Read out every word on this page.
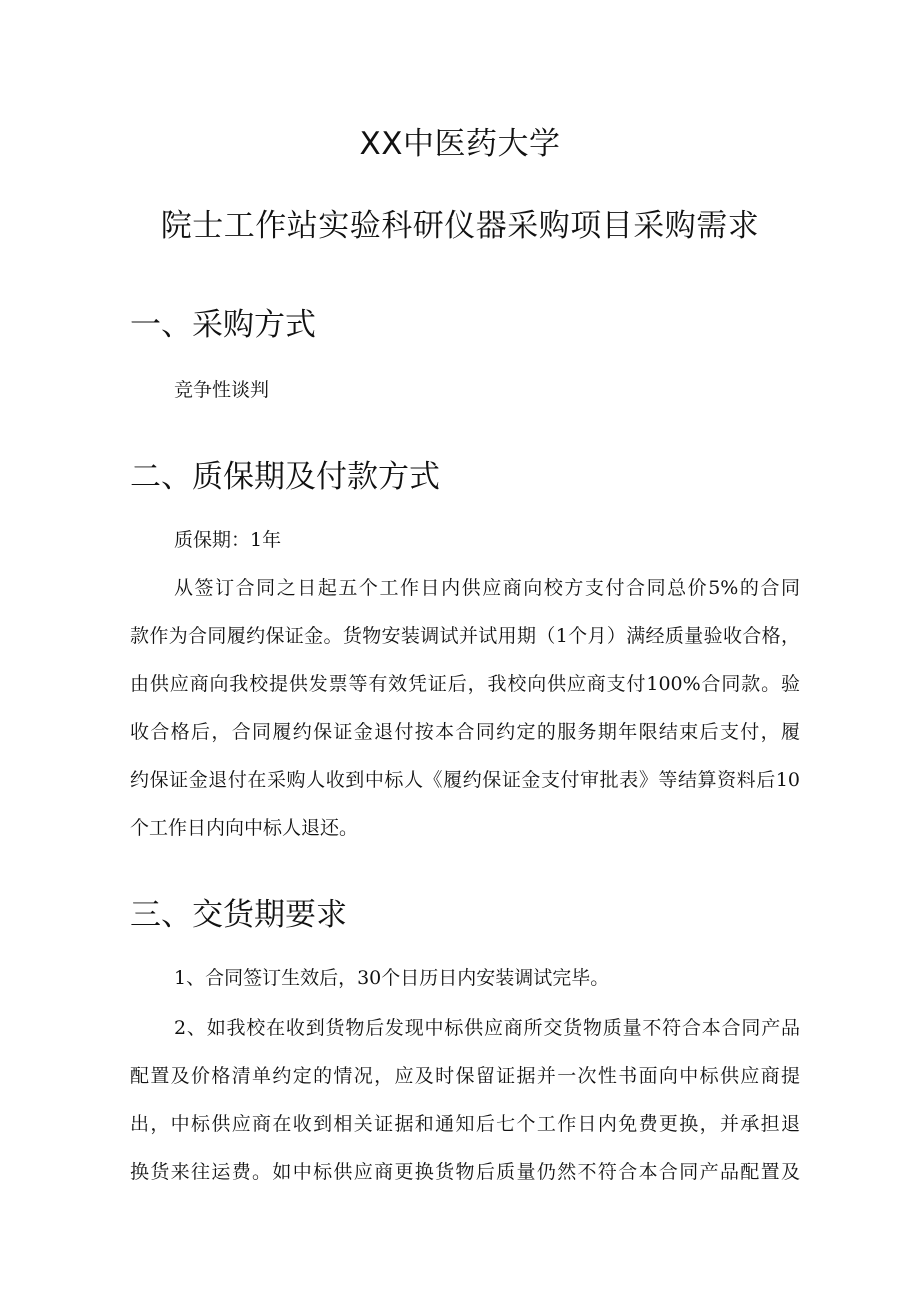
XX中医药大学
院士工作站实验科研仪器采购项目采购需求
一、采购方式
竞争性谈判
二、质保期及付款方式
质保期：1年
从签订合同之日起五个工作日内供应商向校方支付合同总价5%的合同
款作为合同履约保证金。货物安装调试并试用期（1个月）满经质量验收合格，
由供应商向我校提供发票等有效凭证后，我校向供应商支付100%合同款。验
收合格后，合同履约保证金退付按本合同约定的服务期年限结束后支付，履
约保证金退付在采购人收到中标人《履约保证金支付审批表》等结算资料后10
个工作日内向中标人退还。
三、交货期要求
1、合同签订生效后，30个日历日内安装调试完毕。
2、如我校在收到货物后发现中标供应商所交货物质量不符合本合同产品
配置及价格清单约定的情况，应及时保留证据并一次性书面向中标供应商提
出，中标供应商在收到相关证据和通知后七个工作日内免费更换，并承担退
换货来往运费。如中标供应商更换货物后质量仍然不符合本合同产品配置及
